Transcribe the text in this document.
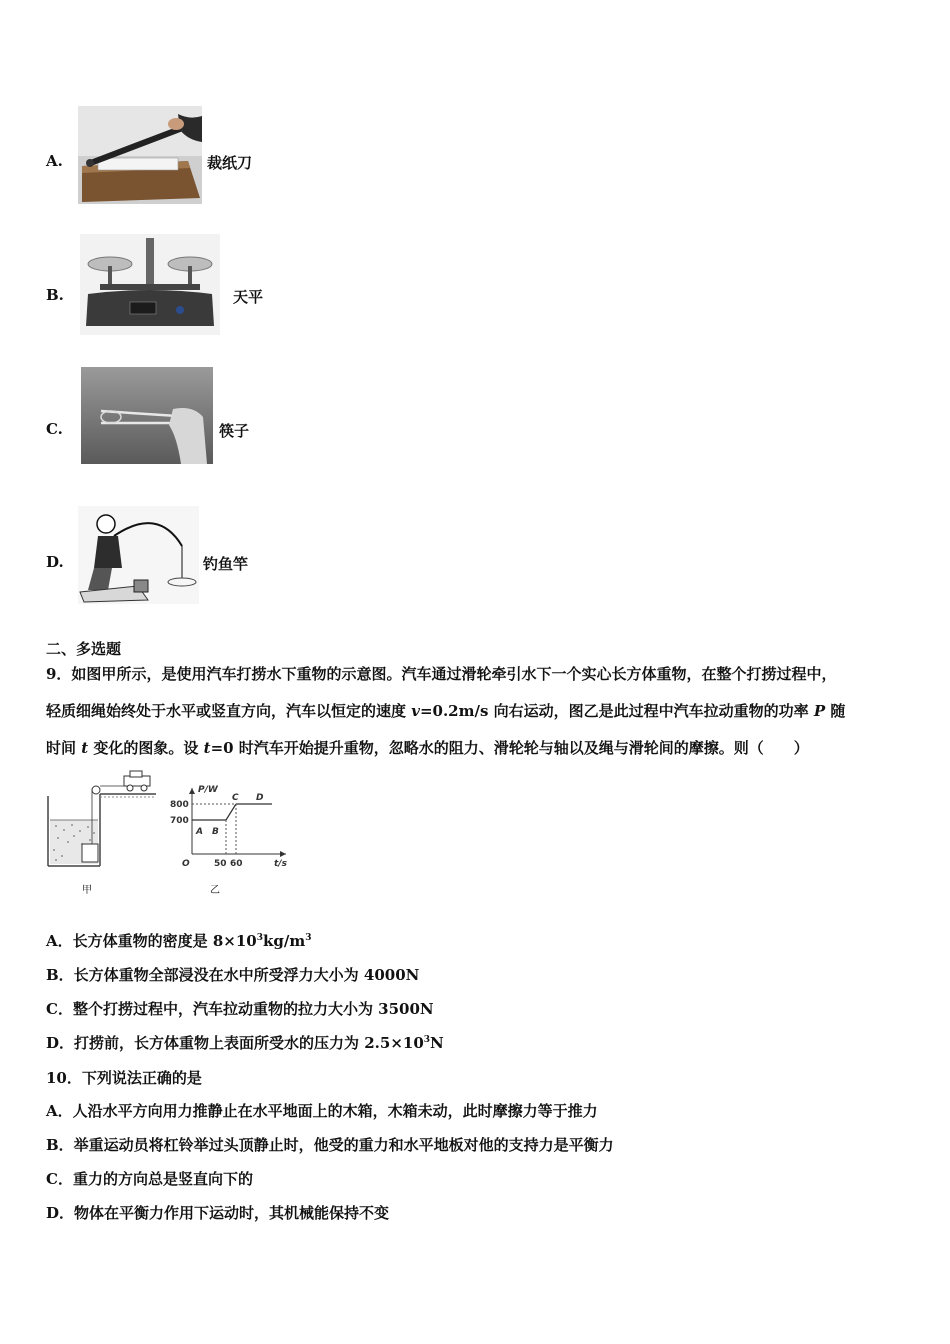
A.	裁纸刀
B.	天平
C.	筷子
D.	钓鱼竿
二、多选题
9．如图甲所示，是使用汽车打捞水下重物的示意图。汽车通过滑轮牵引水下一个实心长方体重物，在整个打捞过程中，
轻质细绳始终处于水平或竖直方向，汽车以恒定的速度 v=0.2m/s 向右运动，图乙是此过程中汽车拉动重物的功率 P 随
时间 t 变化的图象。设 t=0 时汽车开始提升重物，忽略水的阻力、滑轮轮与轴以及绳与滑轮间的摩擦。则（　　）
甲
P/W
t/s
O
800
700
50 60
A B
C D
乙
A．长方体重物的密度是 $8\times 10^3kg/m^3$
B．长方体重物全部浸没在水中所受浮力大小为 4000N
C．整个打捞过程中，汽车拉动重物的拉力大小为 3500N
D．打捞前，长方体重物上表面所受水的压力为 $2.5\times 10^3N$
10．下列说法正确的是
A．人沿水平方向用力推静止在水平地面上的木箱，木箱未动，此时摩擦力等于推力
B．举重运动员将杠铃举过头顶静止时，他受的重力和水平地板对他的支持力是平衡力
C．重力的方向总是竖直向下的
D．物体在平衡力作用下运动时，其机械能保持不变
